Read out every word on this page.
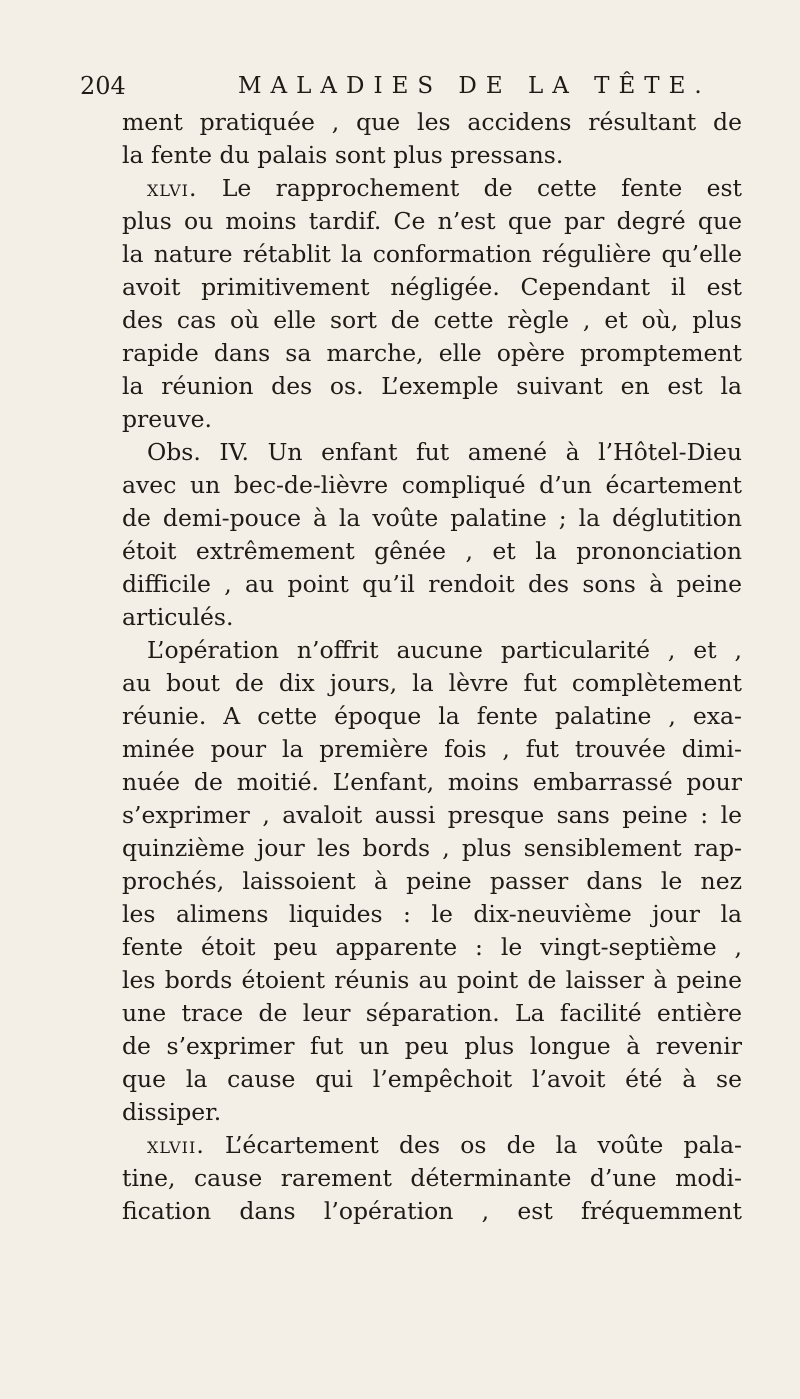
204	MALADIES DE LA TÊTE.
ment pratiquée , que les accidens résultant de
la fente du palais sont plus pressans.
xlvi. Le rapprochement de cette fente est
plus ou moins tardif. Ce n’est que par degré que
la nature rétablit la conformation régulière qu’elle
avoit primitivement négligée. Cependant il est
des cas où elle sort de cette règle , et où, plus
rapide dans sa marche, elle opère promptement
la réunion des os. L’exemple suivant en est la
preuve.
Obs. IV. Un enfant fut amené à l’Hôtel-Dieu
avec un bec-de-lièvre compliqué d’un écartement
de demi-pouce à la voûte palatine ; la déglutition
étoit extrêmement gênée , et la prononciation
difficile , au point qu’il rendoit des sons à peine
articulés.
L’opération n’offrit aucune particularité , et ,
au bout de dix jours, la lèvre fut complètement
réunie. A cette époque la fente palatine , exa-
minée pour la première fois , fut trouvée dimi-
nuée de moitié. L’enfant, moins embarrassé pour
s’exprimer , avaloit aussi presque sans peine : le
quinzième jour les bords , plus sensiblement rap-
prochés, laissoient à peine passer dans le nez
les alimens liquides : le dix-neuvième jour la
fente étoit peu apparente : le vingt-septième ,
les bords étoient réunis au point de laisser à peine
une trace de leur séparation. La facilité entière
de s’exprimer fut un peu plus longue à revenir
que la cause qui l’empêchoit l’avoit été à se
dissiper.
xlvii. L’écartement des os de la voûte pala-
tine, cause rarement déterminante d’une modi-
fication dans l’opération , est fréquemment
